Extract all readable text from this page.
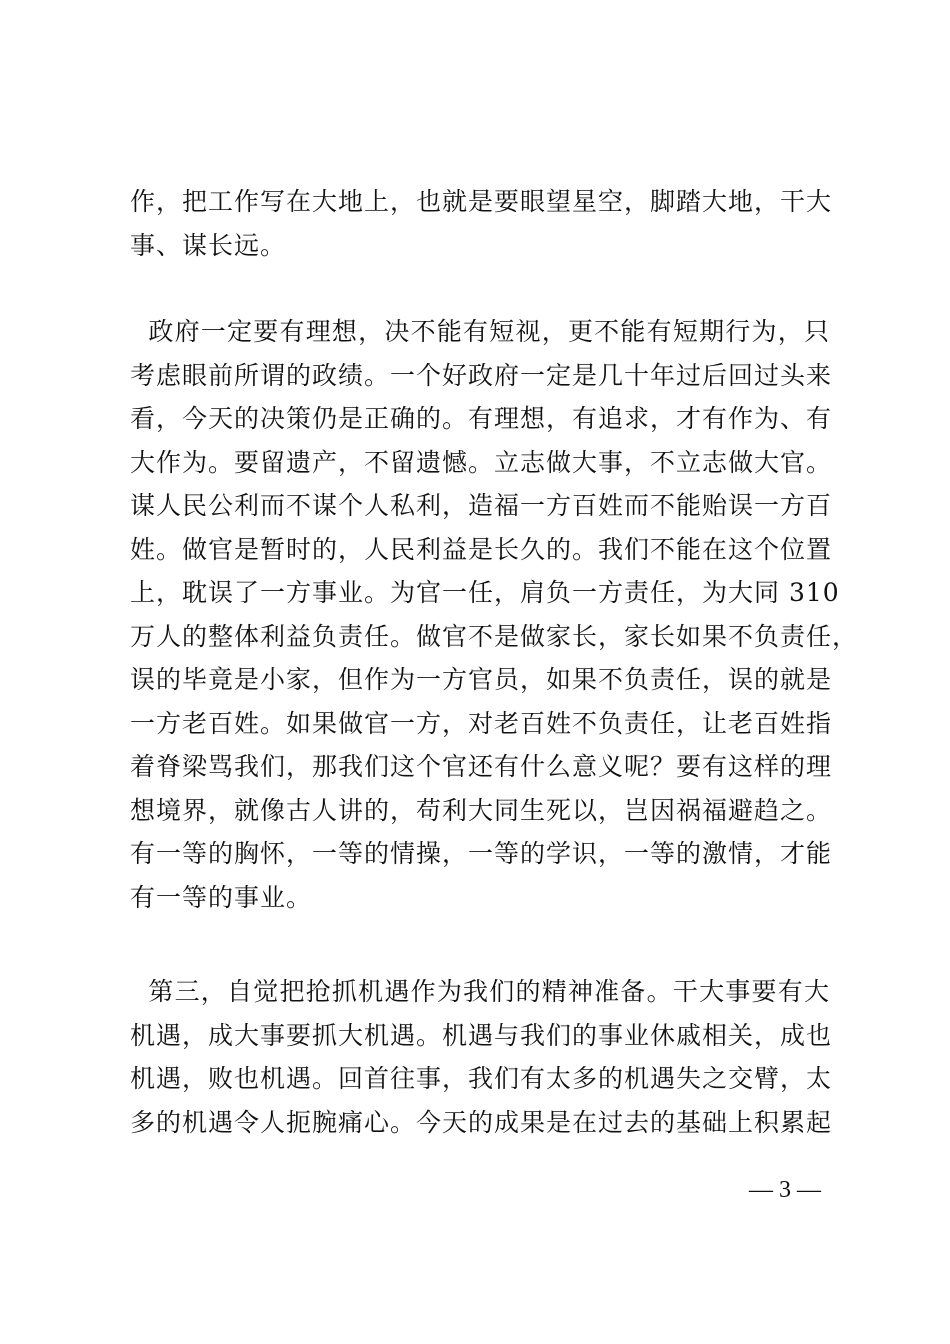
作，把工作写在大地上，也就是要眼望星空，脚踏大地，干大
事、谋长远。
政府一定要有理想，决不能有短视，更不能有短期行为，只
考虑眼前所谓的政绩。一个好政府一定是几十年过后回过头来
看，今天的决策仍是正确的。有理想，有追求，才有作为、有
大作为。要留遗产，不留遗憾。立志做大事，不立志做大官。
谋人民公利而不谋个人私利，造福一方百姓而不能贻误一方百
姓。做官是暂时的，人民利益是长久的。我们不能在这个位置
上，耽误了一方事业。为官一任，肩负一方责任，为大同 310
万人的整体利益负责任。做官不是做家长，家长如果不负责任，
误的毕竟是小家，但作为一方官员，如果不负责任，误的就是
一方老百姓。如果做官一方，对老百姓不负责任，让老百姓指
着脊梁骂我们，那我们这个官还有什么意义呢？要有这样的理
想境界，就像古人讲的，苟利大同生死以，岂因祸福避趋之。
有一等的胸怀，一等的情操，一等的学识，一等的激情，才能
有一等的事业。
第三，自觉把抢抓机遇作为我们的精神准备。干大事要有大
机遇，成大事要抓大机遇。机遇与我们的事业休戚相关，成也
机遇，败也机遇。回首往事，我们有太多的机遇失之交臂，太
多的机遇令人扼腕痛心。今天的成果是在过去的基础上积累起
— 3 —
